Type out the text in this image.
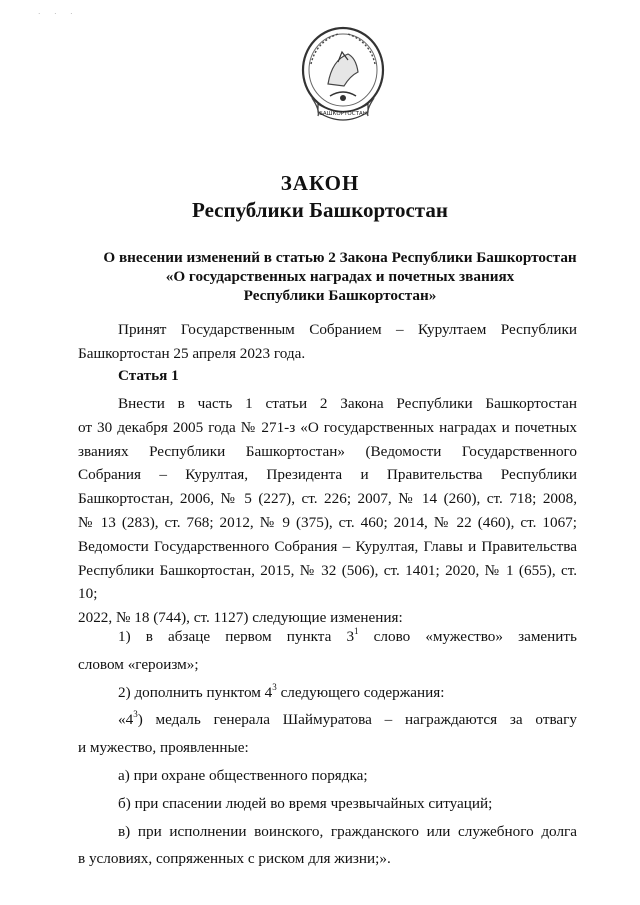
· · ·
БАШКОРТОСТАН
ЗАКОН
Республики Башкортостан
О внесении изменений в статью 2 Закона Республики Башкортостан
«О государственных наградах и почетных званиях
Республики Башкортостан»

Принят Государственным Собранием – Курултаем Республики

Башкортостан 25 апреля 2023 года.

Статья 1

Внести в часть 1 статьи 2 Закона Республики Башкортостан

от 30 декабря 2005 года № 271-з «О государственных наградах и почетных

званиях Республики Башкортостан» (Ведомости Государственного

Собрания – Курултая, Президента и Правительства Республики

Башкортостан, 2006, № 5 (227), ст. 226; 2007, № 14 (260), ст. 718; 2008,

№ 13 (283), ст. 768; 2012, № 9 (375), ст. 460; 2014, № 22 (460), ст. 1067;

Ведомости Государственного Собрания – Курултая, Главы и Правительства

Республики Башкортостан, 2015, № 32 (506), ст. 1401; 2020, № 1 (655), ст. 10;

2022, № 18 (744), ст. 1127) следующие изменения:

1) в абзаце первом пункта $3^1$ слово «мужество» заменить

словом «героизм»;

2) дополнить пунктом $4^3$ следующего содержания:

«$4^3$) медаль генерала Шаймуратова – награждаются за отвагу

и мужество, проявленные:

а) при охране общественного порядка;

б) при спасении людей во время чрезвычайных ситуаций;

в) при исполнении воинского, гражданского или служебного долга

в условиях, сопряженных с риском для жизни;».
